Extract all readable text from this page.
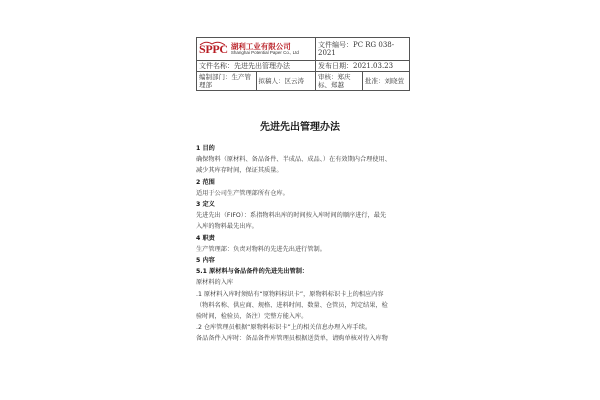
SPPC 湖利工业有限公司
Shanghai Potential Paper Co., Ltd		文件编号：PC RG 038-2021	
文件名称：先进先出管理办法		发布日期：2021.03.23	
编制部门：生产管理部	拟稿人：区云涛	审核：郑庆标、郑越	批准：刘晓萱
先进先出管理办法
1 目的
确保物料（原材料、备品备件、半成品、成品、）在有效期内合理使用、
减少其库存时间，保证其质量。
2 范围
适用于公司生产管理部所有仓库。
3 定义
先进先出（FIFO）：系指物料出库的时间按入库时间的顺序进行，最先
入库的物料最先出库。
4 职责
生产管理部：负责对物料的先进先出进行管制。
5 内容
5.1 原材料与备品备件的先进先出管制：
原材料的入库
.1 原材料入库时须贴有“原物料标识卡”，原物料标识卡上的相应内容
（物料名称、供应商、规格、进料时间、数量、仓管员，判定结果，检
验时间，检验员，备注）完整方能入库。
.2 仓库管理员根据“原物料标识卡”上的相关信息办理入库手续。
备品备件入库时：备品备件库管理员根据送货单，请购单核对待入库物
